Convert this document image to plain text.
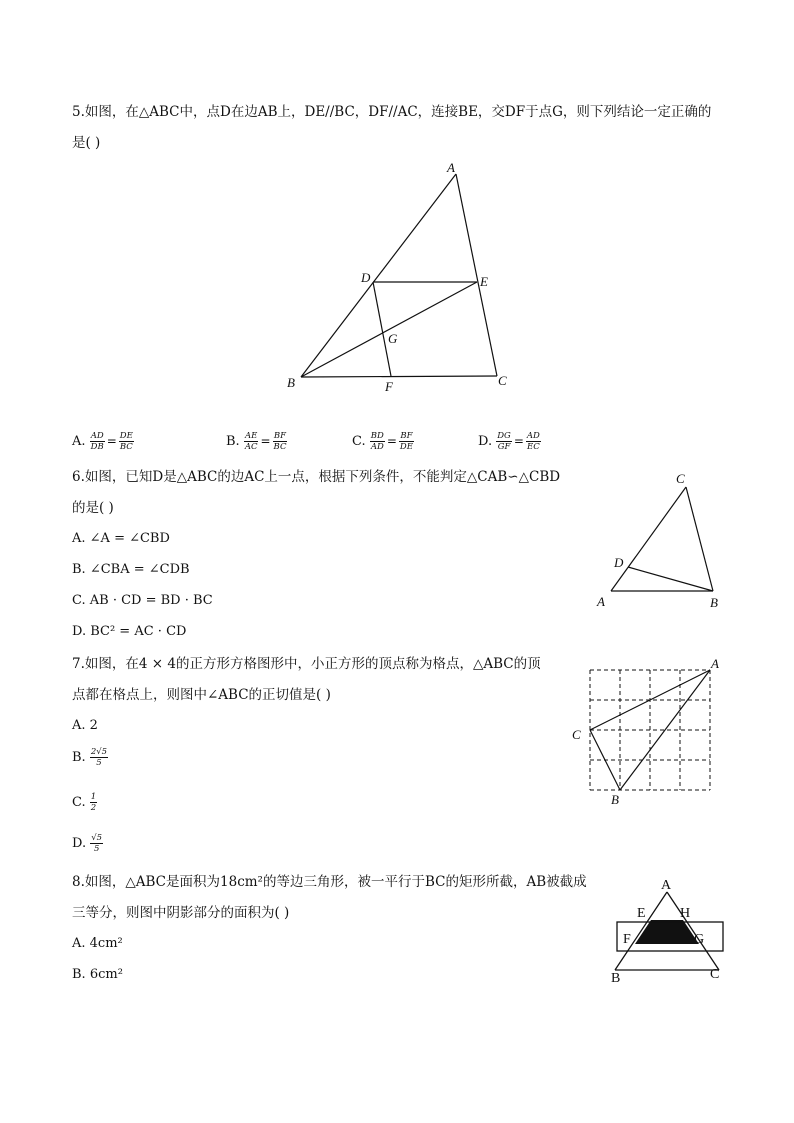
5.如图，在△ABC中，点D在边AB上，DE//BC，DF//AC，连接BE，交DF于点G，则下列结论一定正确的
是( )
A
B	C
D	E
F
G
A. $\frac{AD}{DB} = \frac{DE}{BC}$	B. $\frac{AE}{AC} = \frac{BF}{BC}$	C. $\frac{BD}{AD} = \frac{BF}{DE}$	D. $\frac{DG}{GF} = \frac{AD}{EC}$
6.如图，已知D是△ABC的边AC上一点，根据下列条件，不能判定△CAB∽△CBD
的是( )
A. ∠A = ∠CBD
B. ∠CBA = ∠CDB
C. AB · CD = BD · BC
D. BC² = AC · CD
C
D
A	B
7.如图，在4 × 4的正方形方格图形中，小正方形的顶点称为格点，△ABC的顶
点都在格点上，则图中∠ABC的正切值是( )
A. 2
B. $\frac{2√5}{5}$
C. $\frac{1}{2}$
D. $\frac{√5}{5}$
A
C
B
8.如图，△ABC是面积为18cm²的等边三角形，被一平行于BC的矩形所截，AB被截成
三等分，则图中阴影部分的面积为( )
A. 4cm²
B. 6cm²
A
E H
F	G
B	C
